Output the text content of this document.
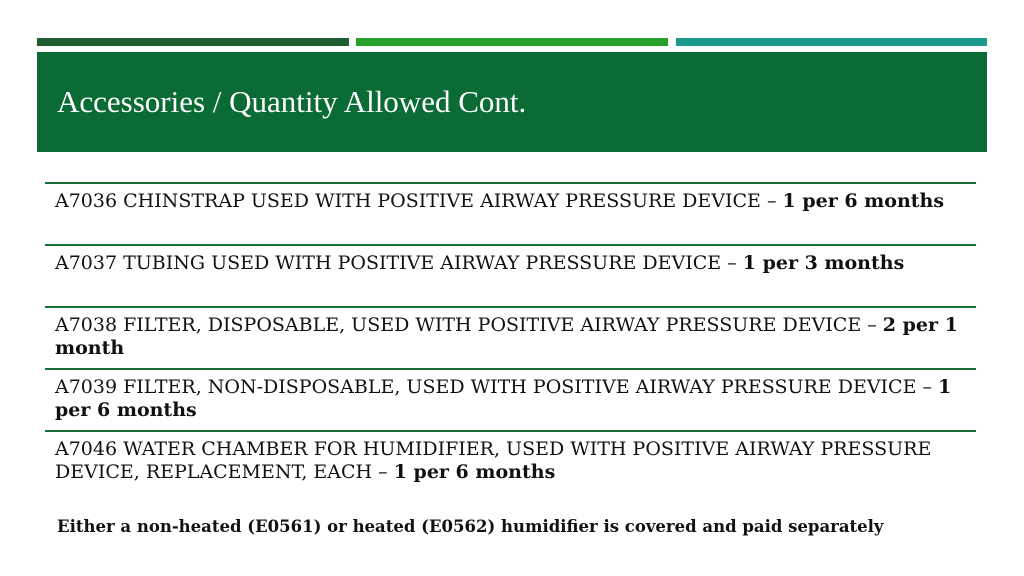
Accessories / Quantity Allowed Cont.
A7036 CHINSTRAP USED WITH POSITIVE AIRWAY PRESSURE DEVICE – 1 per 6 months
A7037 TUBING USED WITH POSITIVE AIRWAY PRESSURE DEVICE – 1 per 3 months
A7038 FILTER, DISPOSABLE, USED WITH POSITIVE AIRWAY PRESSURE DEVICE – 2 per 1 month
A7039 FILTER, NON-DISPOSABLE, USED WITH POSITIVE AIRWAY PRESSURE DEVICE – 1 per 6 months
A7046 WATER CHAMBER FOR HUMIDIFIER, USED WITH POSITIVE AIRWAY PRESSURE DEVICE, REPLACEMENT, EACH – 1 per 6 months
Either a non-heated (E0561) or heated (E0562) humidifier is covered and paid separately
